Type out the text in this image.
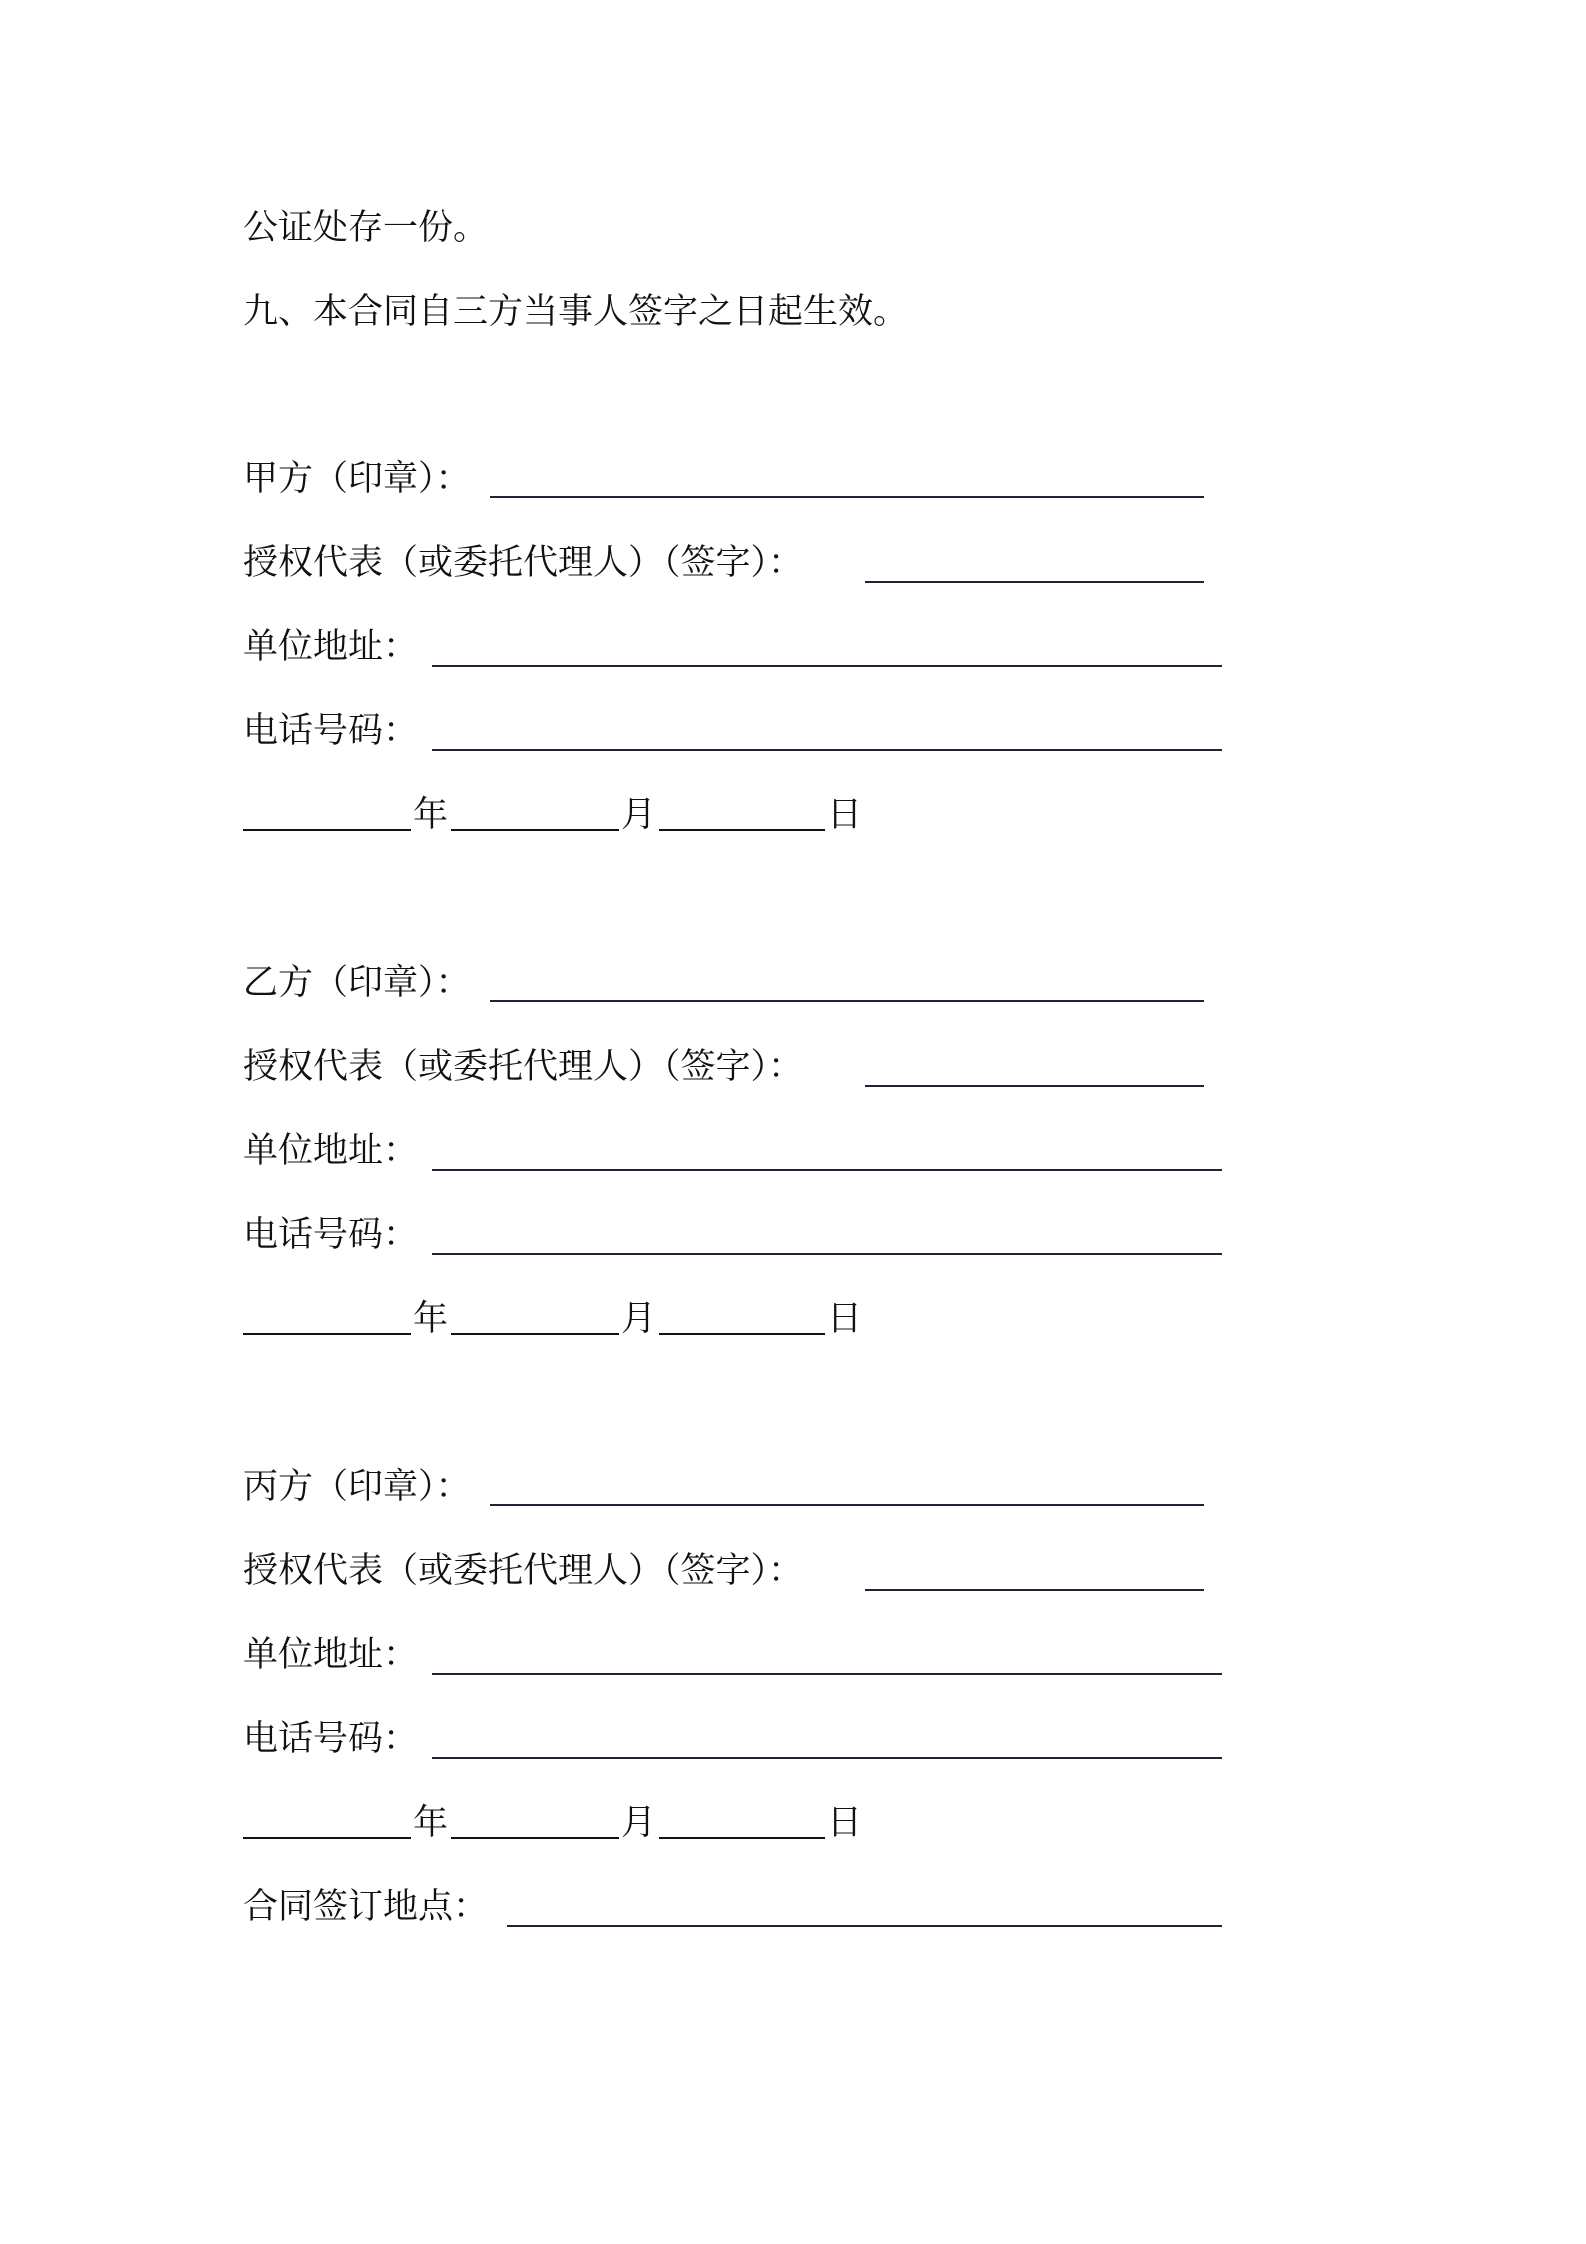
公证处存一份。
九、本合同自三方当事人签字之日起生效。
甲方（印章）：
授权代表（或委托代理人）（签字）：
单位地址：
电话号码：
年	月	日
乙方（印章）：
授权代表（或委托代理人）（签字）：
单位地址：
电话号码：
年	月	日
丙方（印章）：
授权代表（或委托代理人）（签字）：
单位地址：
电话号码：
年	月	日
合同签订地点：
